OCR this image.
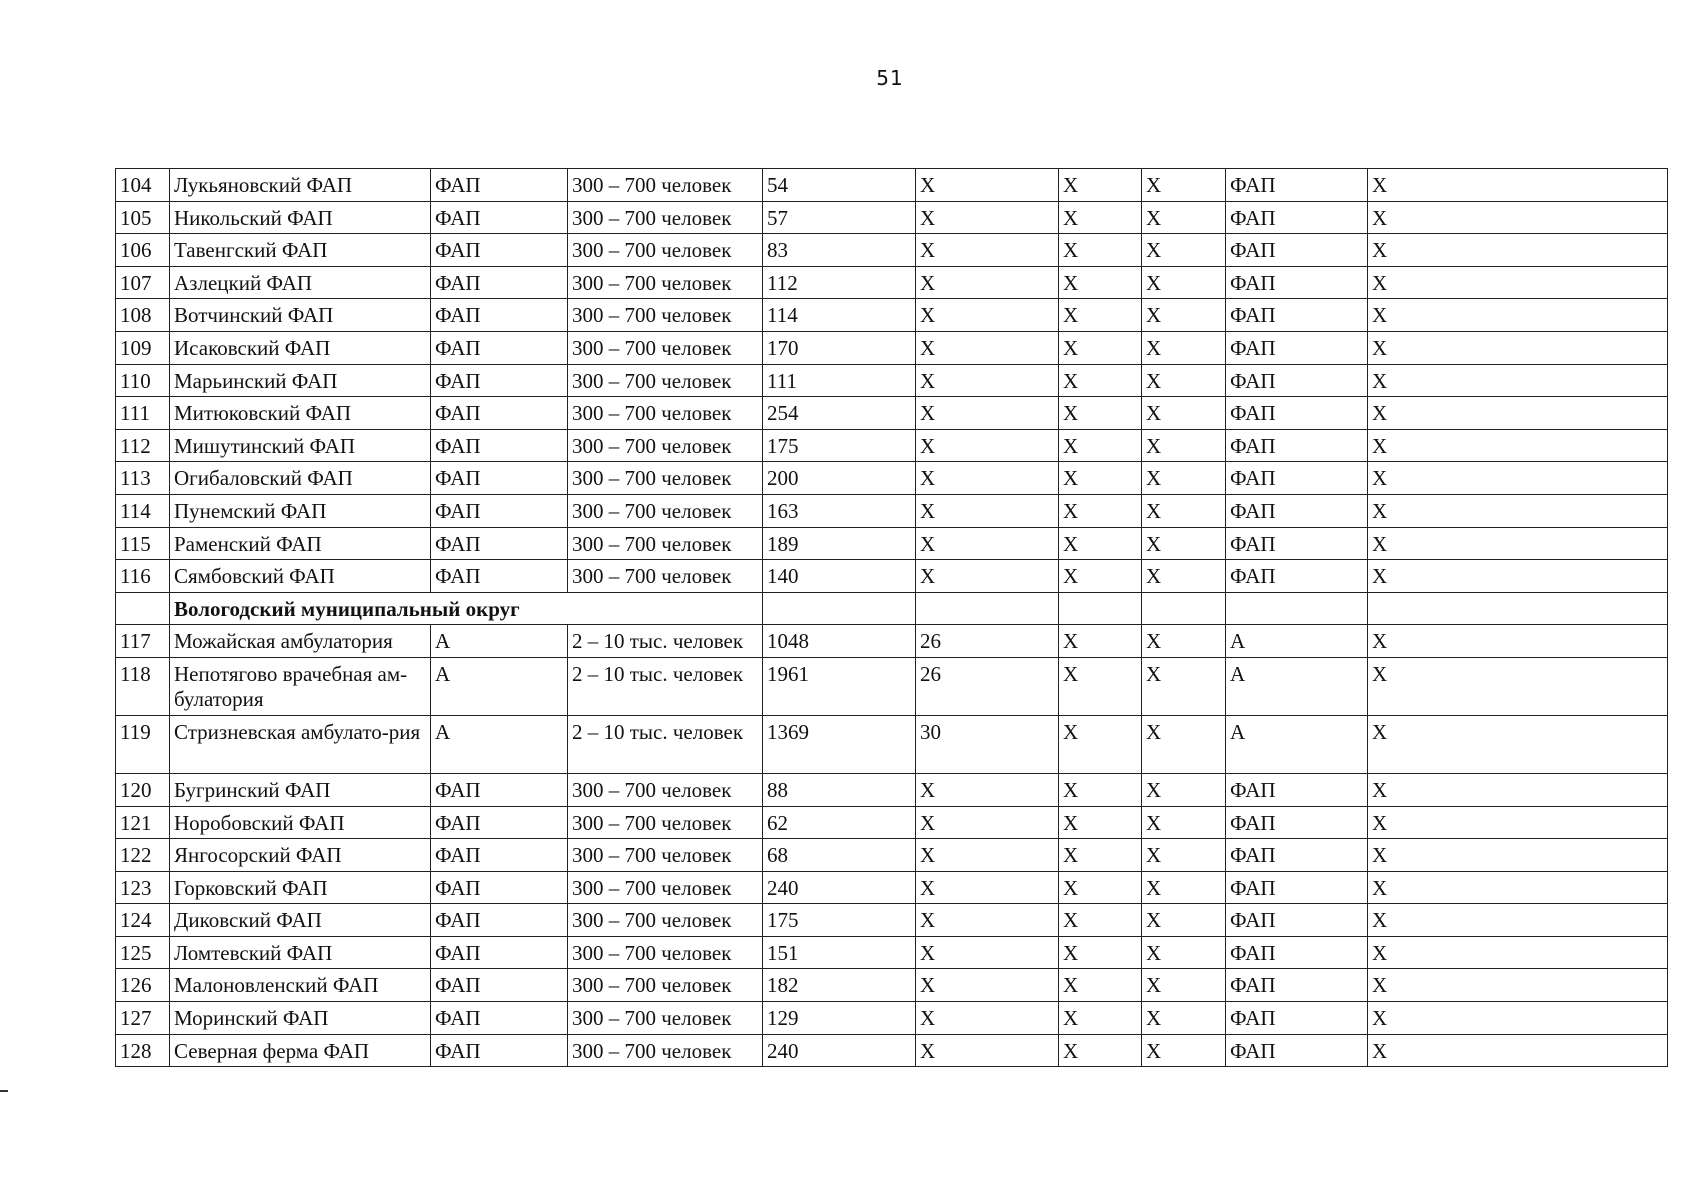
51
104	Лукьяновский ФАП	ФАП	300 – 700 человек	54	X	X	X	ФАП	X
105	Никольский ФАП	ФАП	300 – 700 человек	57	X	X	X	ФАП	X
106	Тавенгский ФАП	ФАП	300 – 700 человек	83	X	X	X	ФАП	X
107	Азлецкий ФАП	ФАП	300 – 700 человек	112	X	X	X	ФАП	X
108	Вотчинский ФАП	ФАП	300 – 700 человек	114	X	X	X	ФАП	X
109	Исаковский ФАП	ФАП	300 – 700 человек	170	X	X	X	ФАП	X
110	Марьинский ФАП	ФАП	300 – 700 человек	111	X	X	X	ФАП	X
111	Митюковский ФАП	ФАП	300 – 700 человек	254	X	X	X	ФАП	X
112	Мишутинский ФАП	ФАП	300 – 700 человек	175	X	X	X	ФАП	X
113	Огибаловский ФАП	ФАП	300 – 700 человек	200	X	X	X	ФАП	X
114	Пунемский ФАП	ФАП	300 – 700 человек	163	X	X	X	ФАП	X
115	Раменский ФАП	ФАП	300 – 700 человек	189	X	X	X	ФАП	X
116	Сямбовский ФАП	ФАП	300 – 700 человек	140	X	X	X	ФАП	X
	Вологодский муниципальный округ								
117	Можайская амбулатория	А	2 – 10 тыс. человек	1048	26	X	X	А	X
118	Непотягово врачебная ам-булатория	А	2 – 10 тыс. человек	1961	26	X	X	А	X
119	Стризневская амбулато-рия	А	2 – 10 тыс. человек	1369	30	X	X	А	X
120	Бугринский ФАП	ФАП	300 – 700 человек	88	X	X	X	ФАП	X
121	Норобовский ФАП	ФАП	300 – 700 человек	62	X	X	X	ФАП	X
122	Янгосорский ФАП	ФАП	300 – 700 человек	68	X	X	X	ФАП	X
123	Горковский ФАП	ФАП	300 – 700 человек	240	X	X	X	ФАП	X
124	Диковский ФАП	ФАП	300 – 700 человек	175	X	X	X	ФАП	X
125	Ломтевский ФАП	ФАП	300 – 700 человек	151	X	X	X	ФАП	X
126	Малоновленский ФАП	ФАП	300 – 700 человек	182	X	X	X	ФАП	X
127	Моринский ФАП	ФАП	300 – 700 человек	129	X	X	X	ФАП	X
128	Северная ферма ФАП	ФАП	300 – 700 человек	240	X	X	X	ФАП	X
